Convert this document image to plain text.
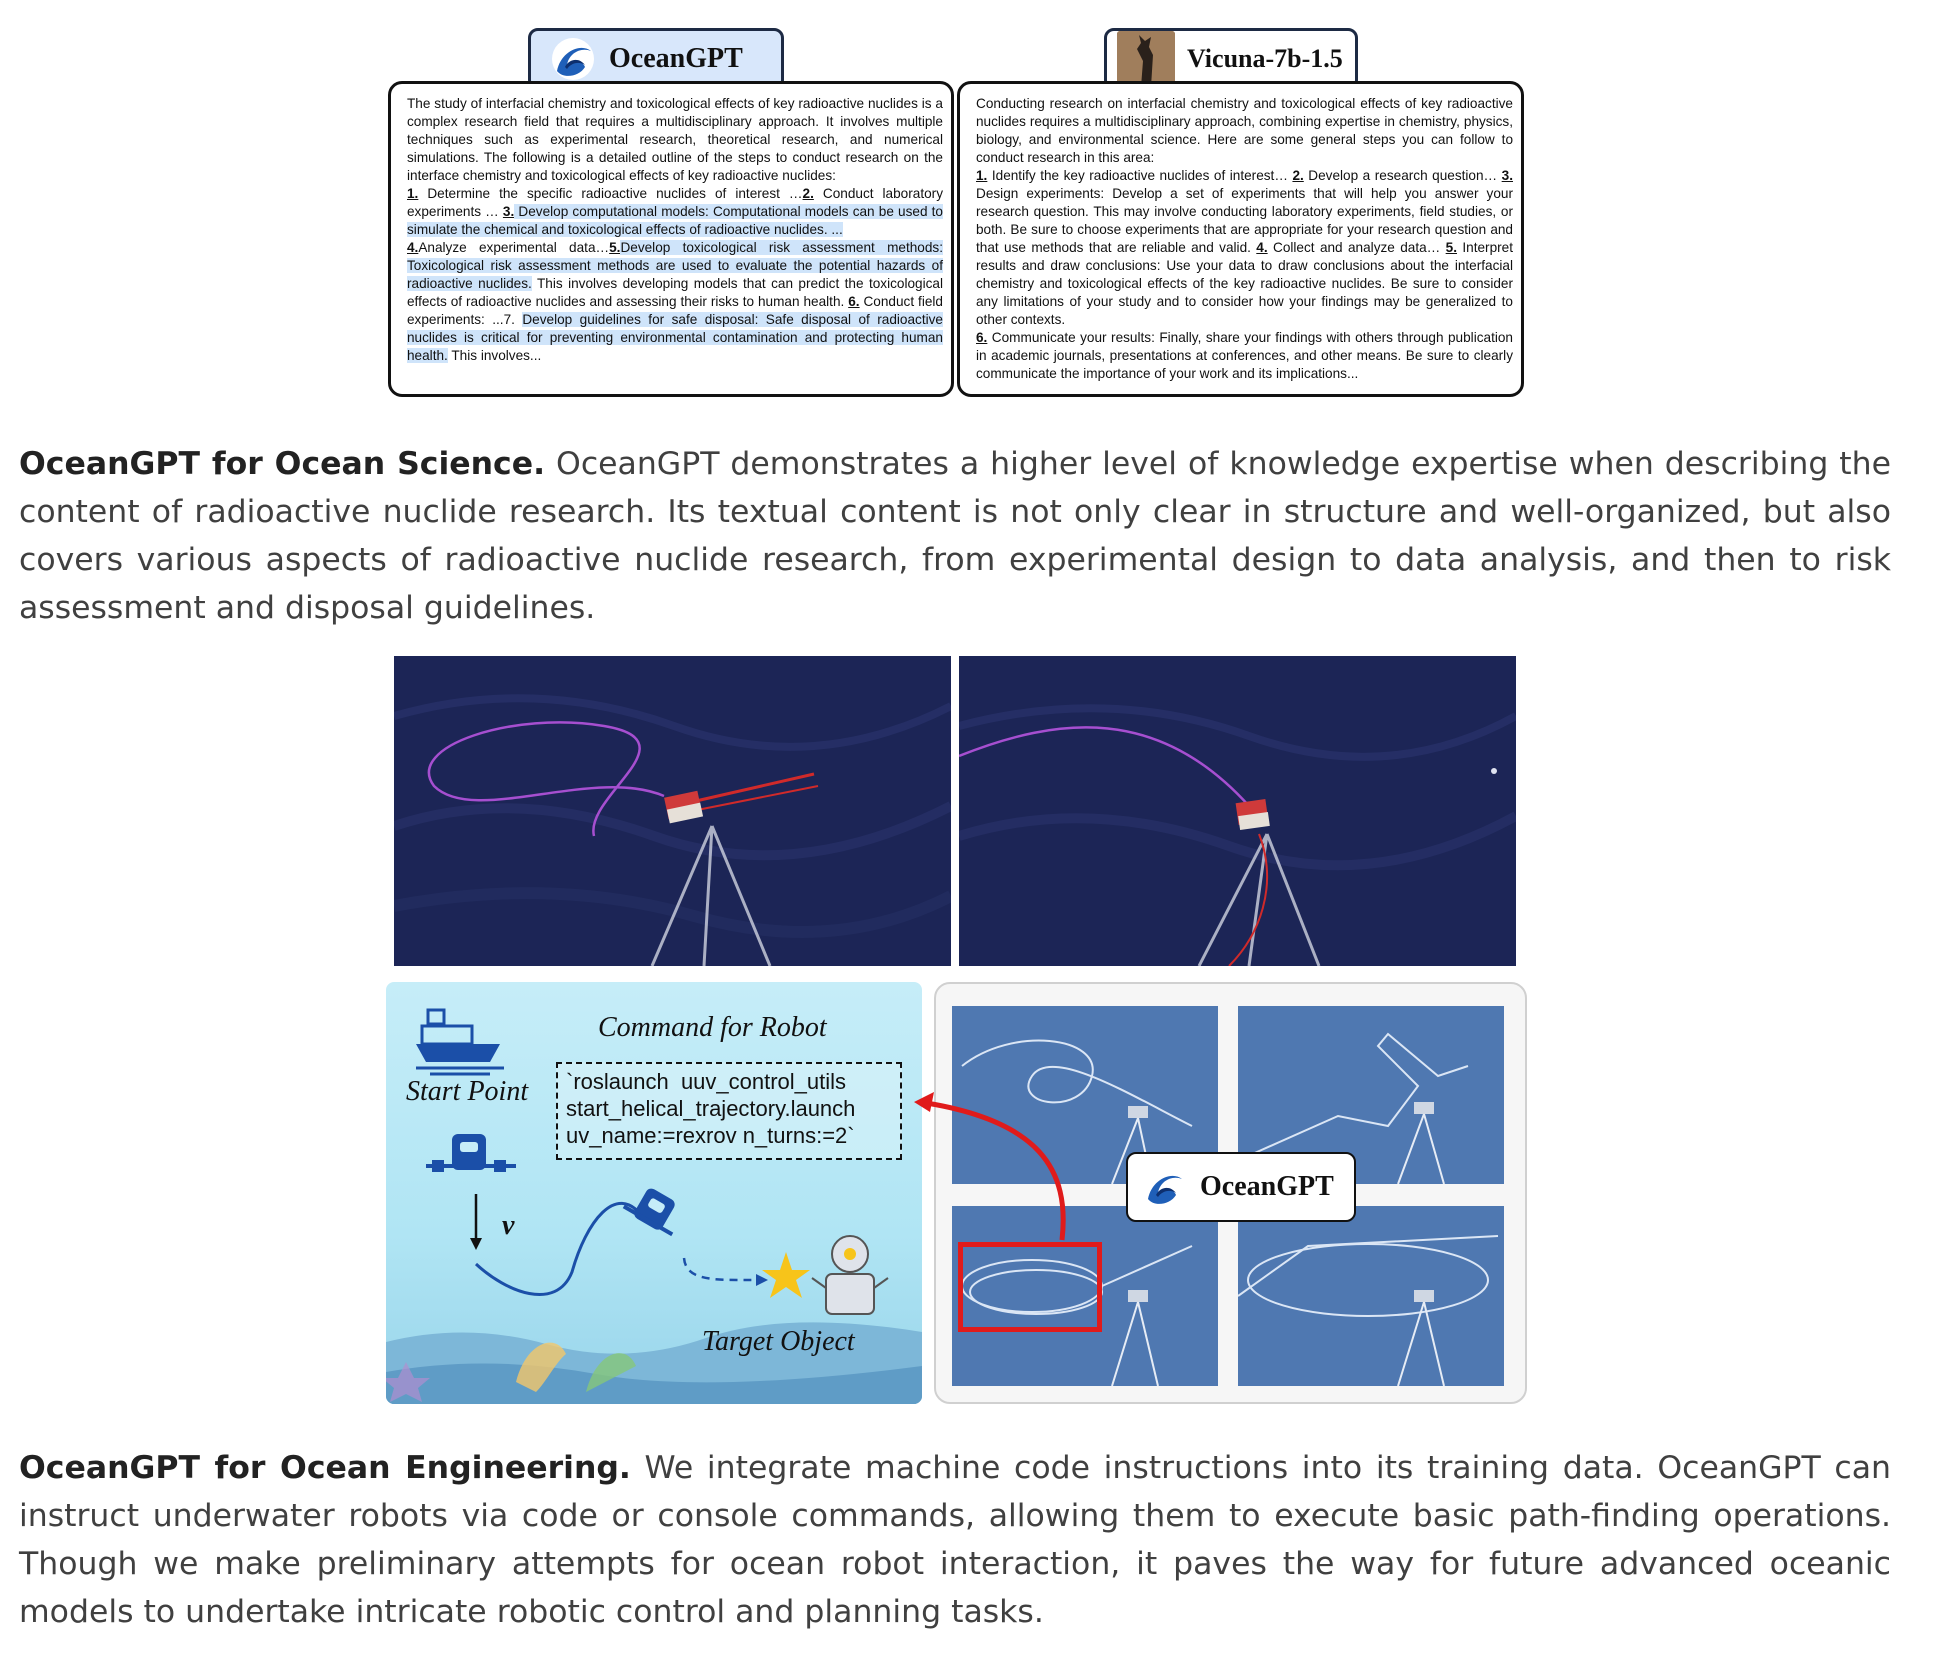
OceanGPT	Vicuna-7b-1.5

The study of interfacial chemistry and toxicological effects of key radioactive nuclides is a complex research field that requires a multidisciplinary approach. It involves multiple techniques such as experimental research, theoretical research, and numerical simulations. The following is a detailed outline of the steps to conduct research on the interface chemistry and toxicological effects of key radioactive nuclides:
1. Determine the specific radioactive nuclides of interest …2. Conduct laboratory experiments … 3. Develop computational models: Computational models can be used to simulate the chemical and toxicological effects of radioactive nuclides. ...
4.Analyze experimental data…5.Develop toxicological risk assessment methods: Toxicological risk assessment methods are used to evaluate the potential hazards of radioactive nuclides. This involves developing models that can predict the toxicological effects of radioactive nuclides and assessing their risks to human health. 6. Conduct field experiments: ...7. Develop guidelines for safe disposal: Safe disposal of radioactive nuclides is critical for preventing environmental contamination and protecting human health. This involves...

Conducting research on interfacial chemistry and toxicological effects of key radioactive nuclides requires a multidisciplinary approach, combining expertise in chemistry, physics, biology, and environmental science. Here are some general steps you can follow to conduct research in this area:
1. Identify the key radioactive nuclides of interest… 2. Develop a research question… 3. Design experiments: Develop a set of experiments that will help you answer your research question. This may involve conducting laboratory experiments, field studies, or both. Be sure to choose experiments that are appropriate for your research question and that use methods that are reliable and valid. 4. Collect and analyze data… 5. Interpret results and draw conclusions: Use your data to draw conclusions about the interfacial chemistry and toxicological effects of the key radioactive nuclides. Be sure to consider any limitations of your study and to consider how your findings may be generalized to other contexts.
6. Communicate your results: Finally, share your findings with others through publication in academic journals, presentations at conferences, and other means. Be sure to clearly communicate the importance of your work and its implications...

OceanGPT for Ocean Science. OceanGPT demonstrates a higher level of knowledge expertise when describing the content of radioactive nuclide research. Its textual content is not only clear in structure and well-organized, but also covers various aspects of radioactive nuclide research, from experimental design to data analysis, and then to risk assessment and disposal guidelines.
Command for Robot
Start Point
v
Target Object
`roslaunch  uuv_control_utils
start_helical_trajectory.launch
uv_name:=rexrov n_turns:=2`
OceanGPT
OceanGPT for Ocean Engineering. We integrate machine code instructions into its training data. OceanGPT can instruct underwater robots via code or console commands, allowing them to execute basic path-finding operations. Though we make preliminary attempts for ocean robot interaction, it paves the way for future advanced oceanic models to undertake intricate robotic control and planning tasks.
